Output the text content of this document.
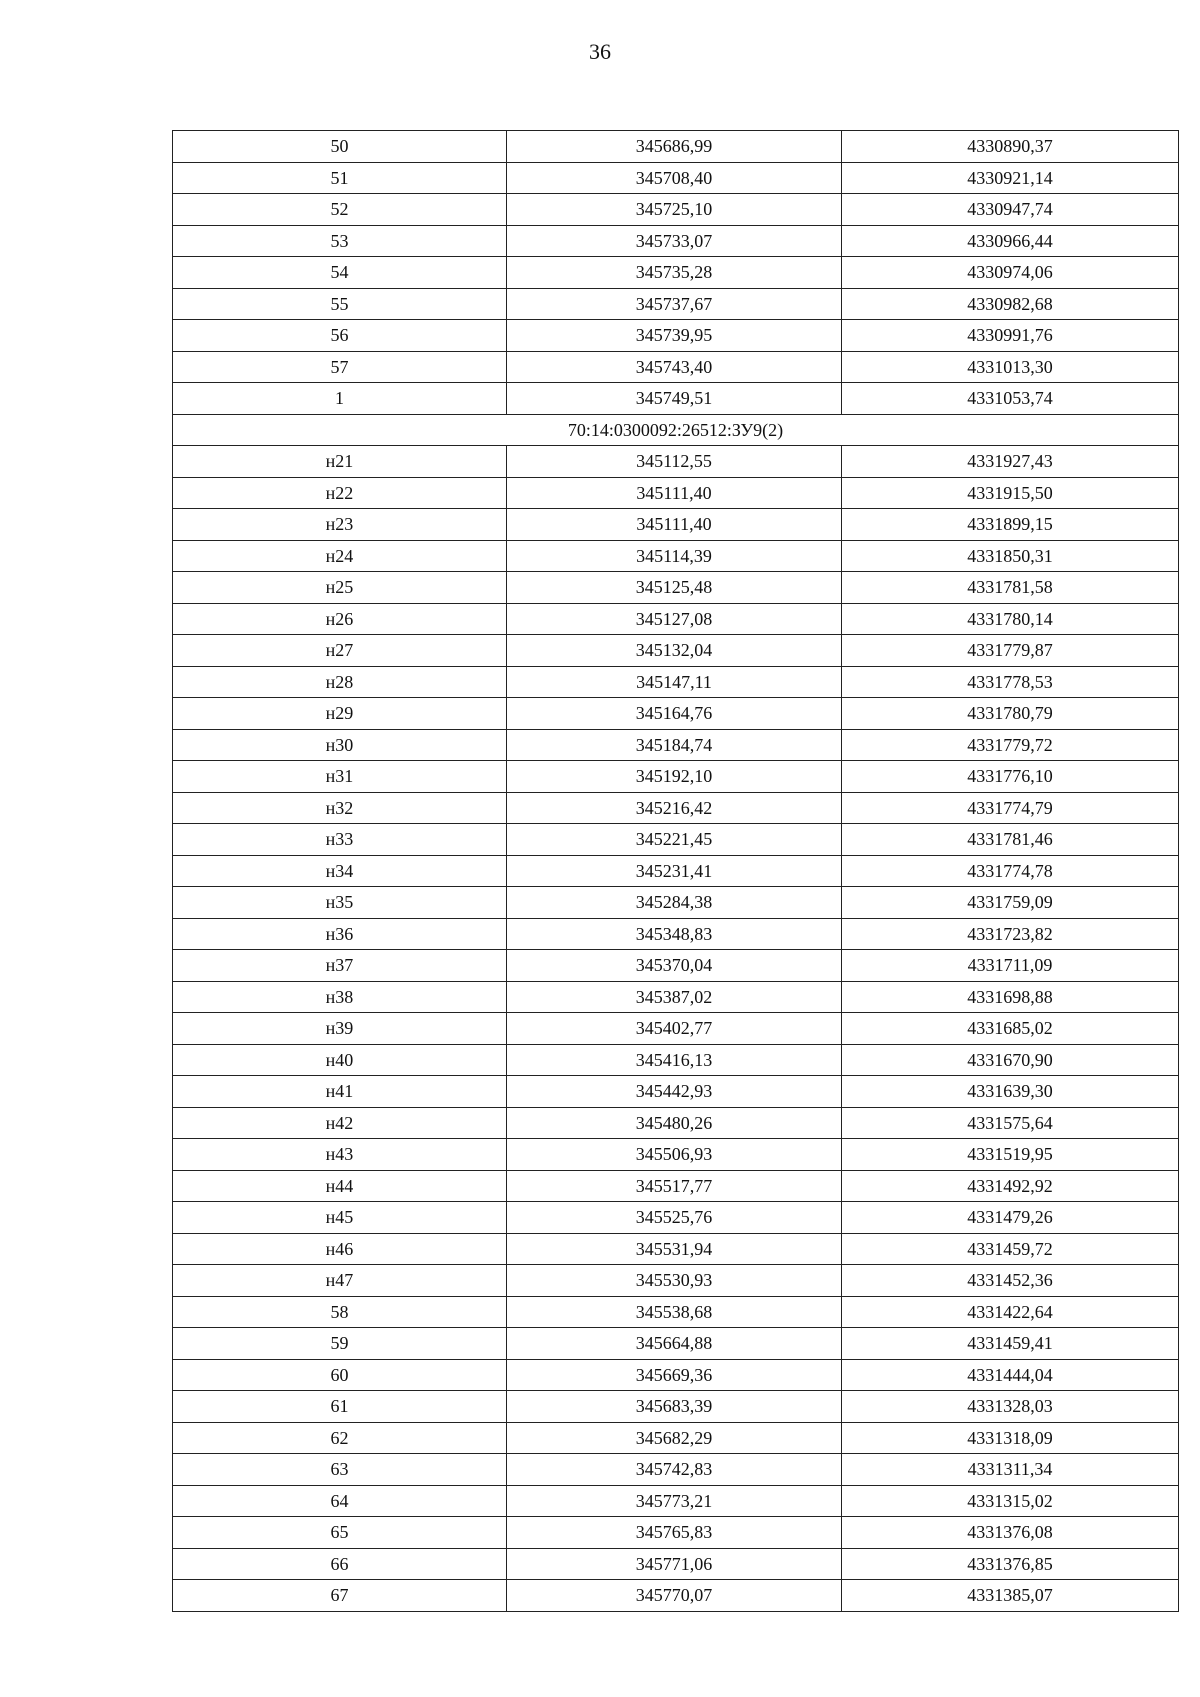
36
50	345686,99	4330890,37
51	345708,40	4330921,14
52	345725,10	4330947,74
53	345733,07	4330966,44
54	345735,28	4330974,06
55	345737,67	4330982,68
56	345739,95	4330991,76
57	345743,40	4331013,30
1	345749,51	4331053,74
70:14:0300092:26512:ЗУ9(2)		
н21	345112,55	4331927,43
н22	345111,40	4331915,50
н23	345111,40	4331899,15
н24	345114,39	4331850,31
н25	345125,48	4331781,58
н26	345127,08	4331780,14
н27	345132,04	4331779,87
н28	345147,11	4331778,53
н29	345164,76	4331780,79
н30	345184,74	4331779,72
н31	345192,10	4331776,10
н32	345216,42	4331774,79
н33	345221,45	4331781,46
н34	345231,41	4331774,78
н35	345284,38	4331759,09
н36	345348,83	4331723,82
н37	345370,04	4331711,09
н38	345387,02	4331698,88
н39	345402,77	4331685,02
н40	345416,13	4331670,90
н41	345442,93	4331639,30
н42	345480,26	4331575,64
н43	345506,93	4331519,95
н44	345517,77	4331492,92
н45	345525,76	4331479,26
н46	345531,94	4331459,72
н47	345530,93	4331452,36
58	345538,68	4331422,64
59	345664,88	4331459,41
60	345669,36	4331444,04
61	345683,39	4331328,03
62	345682,29	4331318,09
63	345742,83	4331311,34
64	345773,21	4331315,02
65	345765,83	4331376,08
66	345771,06	4331376,85
67	345770,07	4331385,07
